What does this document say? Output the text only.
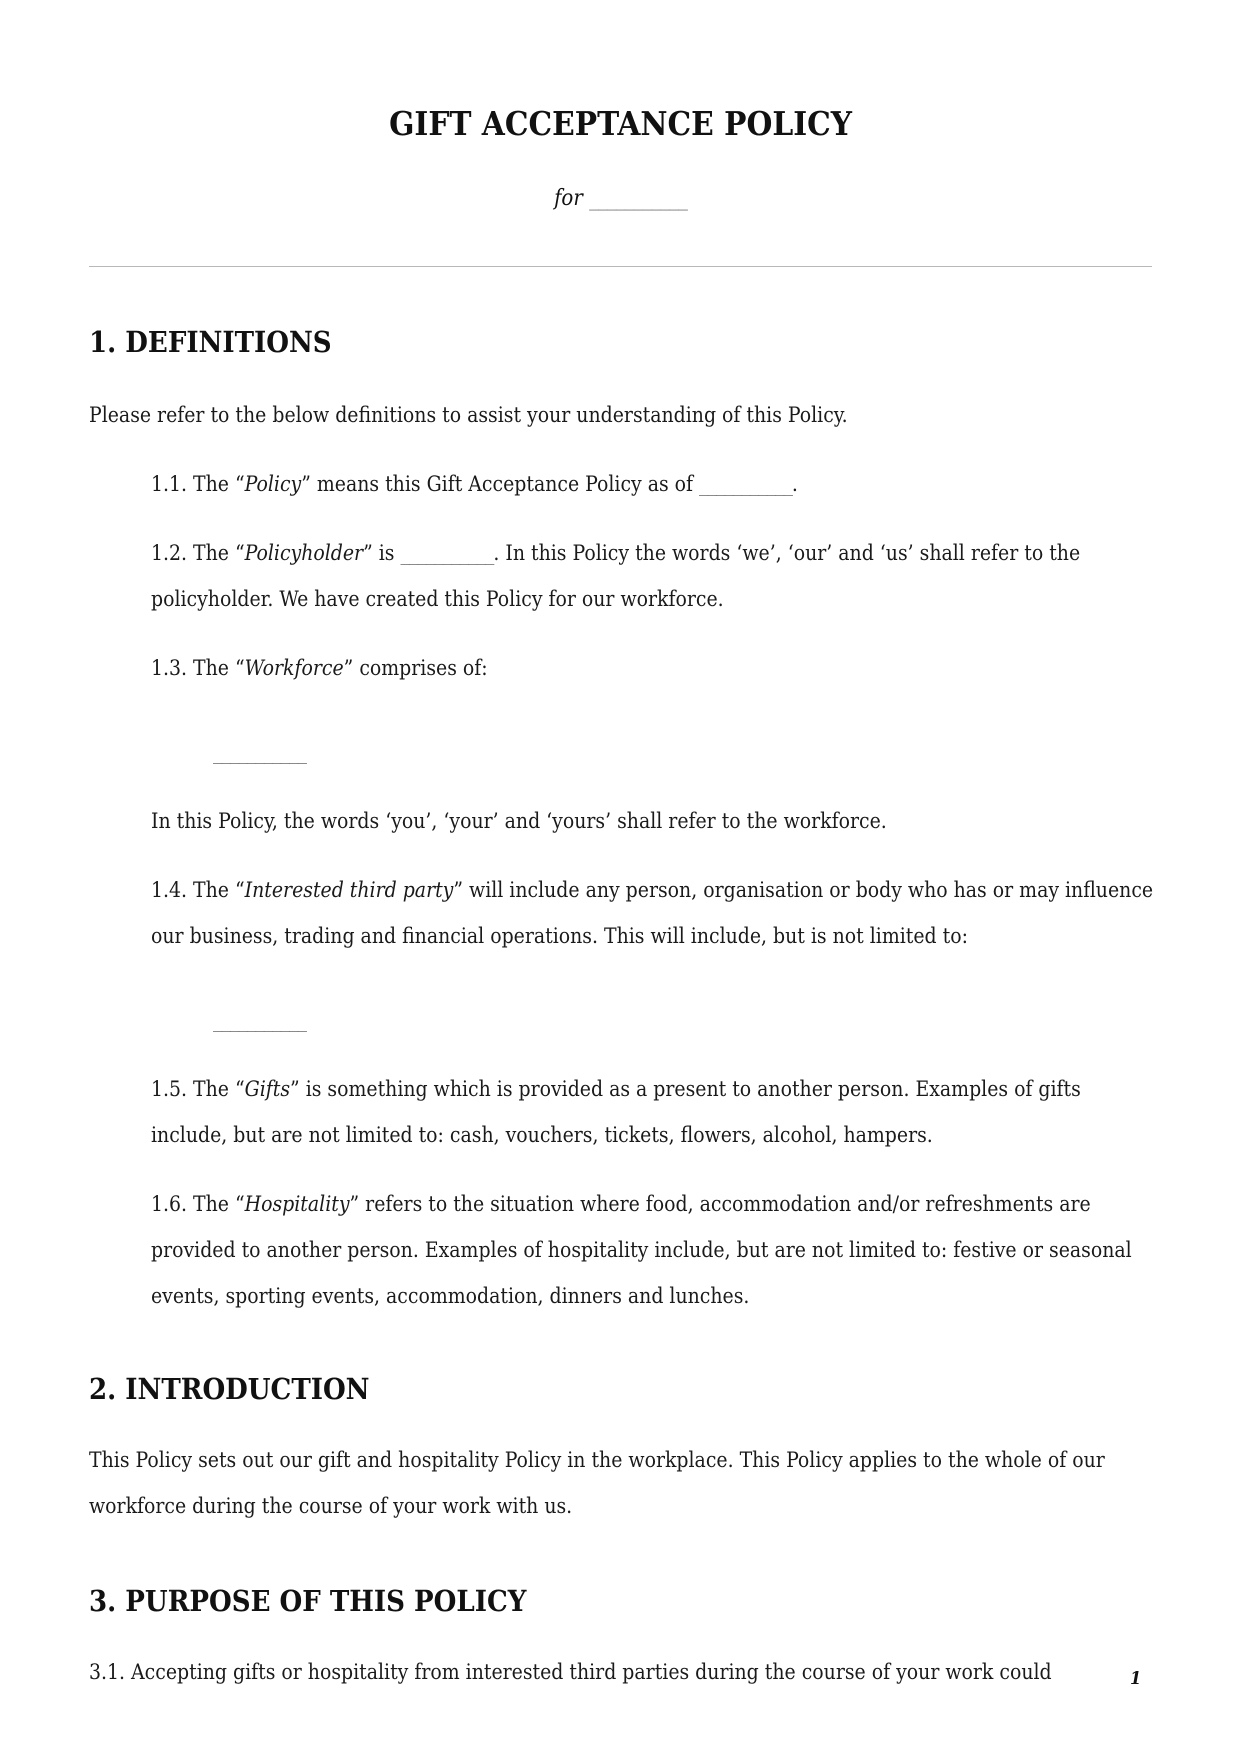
GIFT ACCEPTANCE POLICY
for ___________
1. DEFINITIONS

Please refer to the below definitions to assist your understanding of this Policy.

1.1. The “Policy” means this Gift Acceptance Policy as of ___________.

1.2. The “Policyholder” is ___________. In this Policy the words ‘we’, ‘our’ and ‘us’ shall refer to the policyholder. We have created this Policy for our workforce.

1.3. The “Workforce” comprises of:

___________

In this Policy, the words ‘you’, ‘your’ and ‘yours’ shall refer to the workforce.

1.4. The “Interested third party” will include any person, organisation or body who has or may influence our business, trading and financial operations. This will include, but is not limited to:

___________

1.5. The “Gifts” is something which is provided as a present to another person. Examples of gifts include, but are not limited to: cash, vouchers, tickets, flowers, alcohol, hampers.

1.6. The “Hospitality” refers to the situation where food, accommodation and/or refreshments are provided to another person. Examples of hospitality include, but are not limited to: festive or seasonal events, sporting events, accommodation, dinners and lunches.

2. INTRODUCTION

This Policy sets out our gift and hospitality Policy in the workplace. This Policy applies to the whole of our workforce during the course of your work with us.

3. PURPOSE OF THIS POLICY

3.1. Accepting gifts or hospitality from interested third parties during the course of your work could	1
